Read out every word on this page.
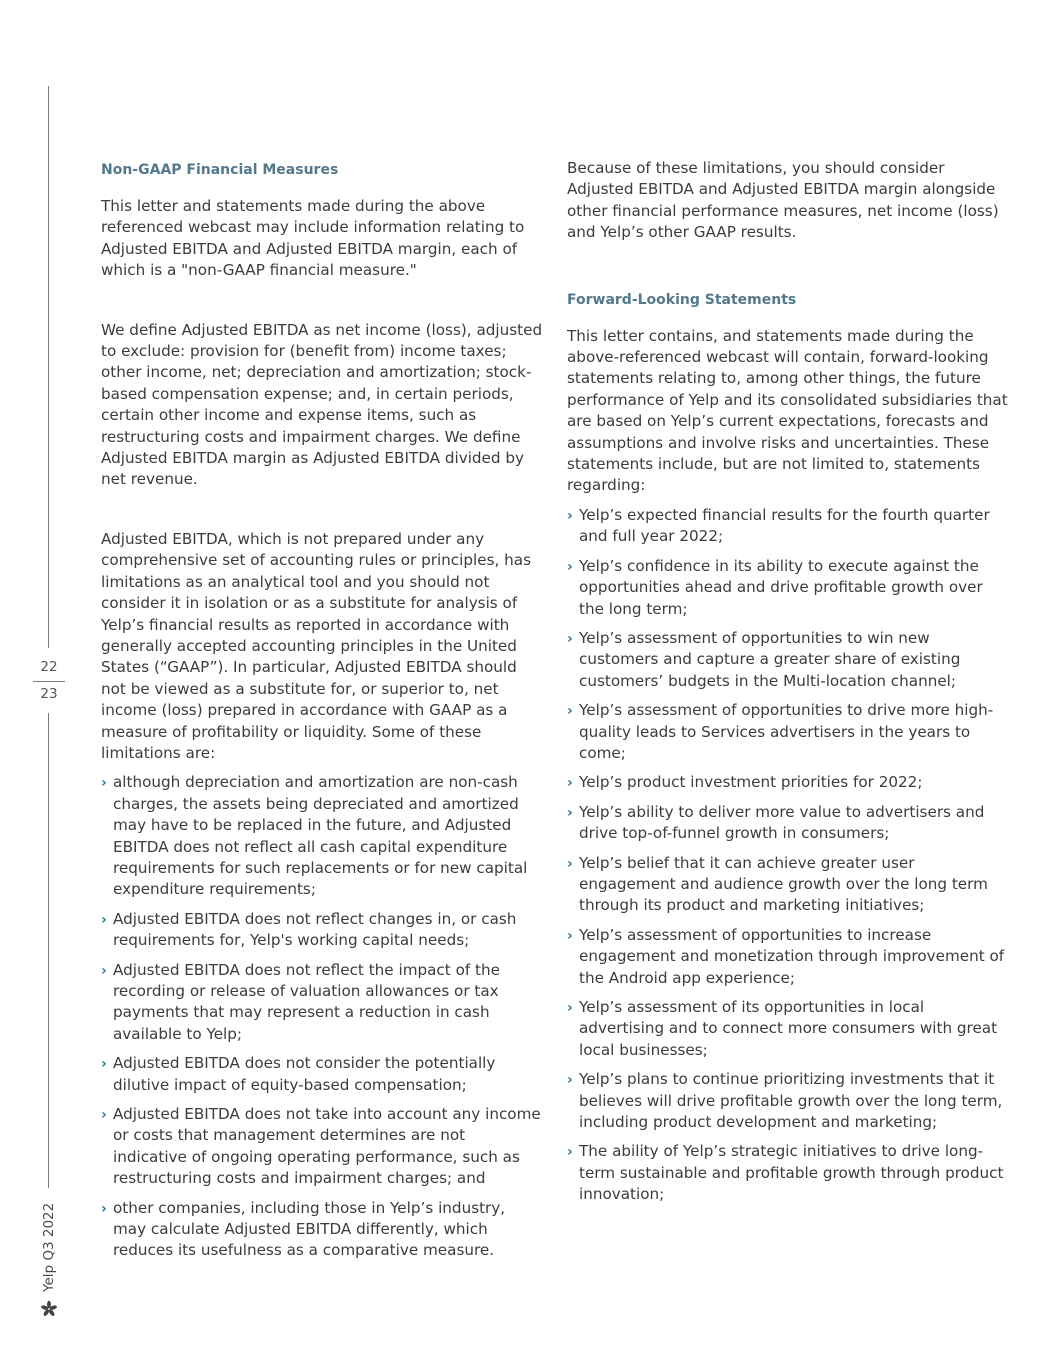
22
23
Yelp Q3 2022
Non-GAAP Financial Measures

This letter and statements made during the above referenced webcast may include information relating to Adjusted EBITDA and Adjusted EBITDA margin, each of which is a "non-GAAP financial measure."

We define Adjusted EBITDA as net income (loss), adjusted to exclude: provision for (benefit from) income taxes; other income, net; depreciation and amortization; stock-based compensation expense; and, in certain periods, certain other income and expense items, such as restructuring costs and impairment charges. We define Adjusted EBITDA margin as Adjusted EBITDA divided by net revenue.

Adjusted EBITDA, which is not prepared under any comprehensive set of accounting rules or principles, has limitations as an analytical tool and you should not consider it in isolation or as a substitute for analysis of Yelp’s financial results as reported in accordance with generally accepted accounting principles in the United States (“GAAP”). In particular, Adjusted EBITDA should not be viewed as a substitute for, or superior to, net income (loss) prepared in accordance with GAAP as a measure of profitability or liquidity. Some of these limitations are:

› although depreciation and amortization are non-cash charges, the assets being depreciated and amortized may have to be replaced in the future, and Adjusted EBITDA does not reflect all cash capital expenditure requirements for such replacements or for new capital expenditure requirements;
› Adjusted EBITDA does not reflect changes in, or cash requirements for, Yelp's working capital needs;
› Adjusted EBITDA does not reflect the impact of the recording or release of valuation allowances or tax payments that may represent a reduction in cash available to Yelp;
› Adjusted EBITDA does not consider the potentially dilutive impact of equity-based compensation;
› Adjusted EBITDA does not take into account any income or costs that management determines are not indicative of ongoing operating performance, such as restructuring costs and impairment charges; and
› other companies, including those in Yelp’s industry, may calculate Adjusted EBITDA differently, which reduces its usefulness as a comparative measure.

Because of these limitations, you should consider Adjusted EBITDA and Adjusted EBITDA margin alongside other financial performance measures, net income (loss) and Yelp’s other GAAP results.

Forward-Looking Statements

This letter contains, and statements made during the above-referenced webcast will contain, forward-looking statements relating to, among other things, the future performance of Yelp and its consolidated subsidiaries that are based on Yelp’s current expectations, forecasts and assumptions and involve risks and uncertainties. These statements include, but are not limited to, statements regarding:

› Yelp’s expected financial results for the fourth quarter and full year 2022;
› Yelp’s confidence in its ability to execute against the opportunities ahead and drive profitable growth over the long term;
› Yelp’s assessment of opportunities to win new customers and capture a greater share of existing customers’ budgets in the Multi-location channel;
› Yelp’s assessment of opportunities to drive more high-quality leads to Services advertisers in the years to come;
› Yelp’s product investment priorities for 2022;
› Yelp’s ability to deliver more value to advertisers and drive top-of-funnel growth in consumers;
› Yelp’s belief that it can achieve greater user engagement and audience growth over the long term through its product and marketing initiatives;
› Yelp’s assessment of opportunities to increase engagement and monetization through improvement of the Android app experience;
› Yelp’s assessment of its opportunities in local advertising and to connect more consumers with great local businesses;
› Yelp’s plans to continue prioritizing investments that it believes will drive profitable growth over the long term, including product development and marketing;
› The ability of Yelp’s strategic initiatives to drive long-term sustainable and profitable growth through product innovation;
